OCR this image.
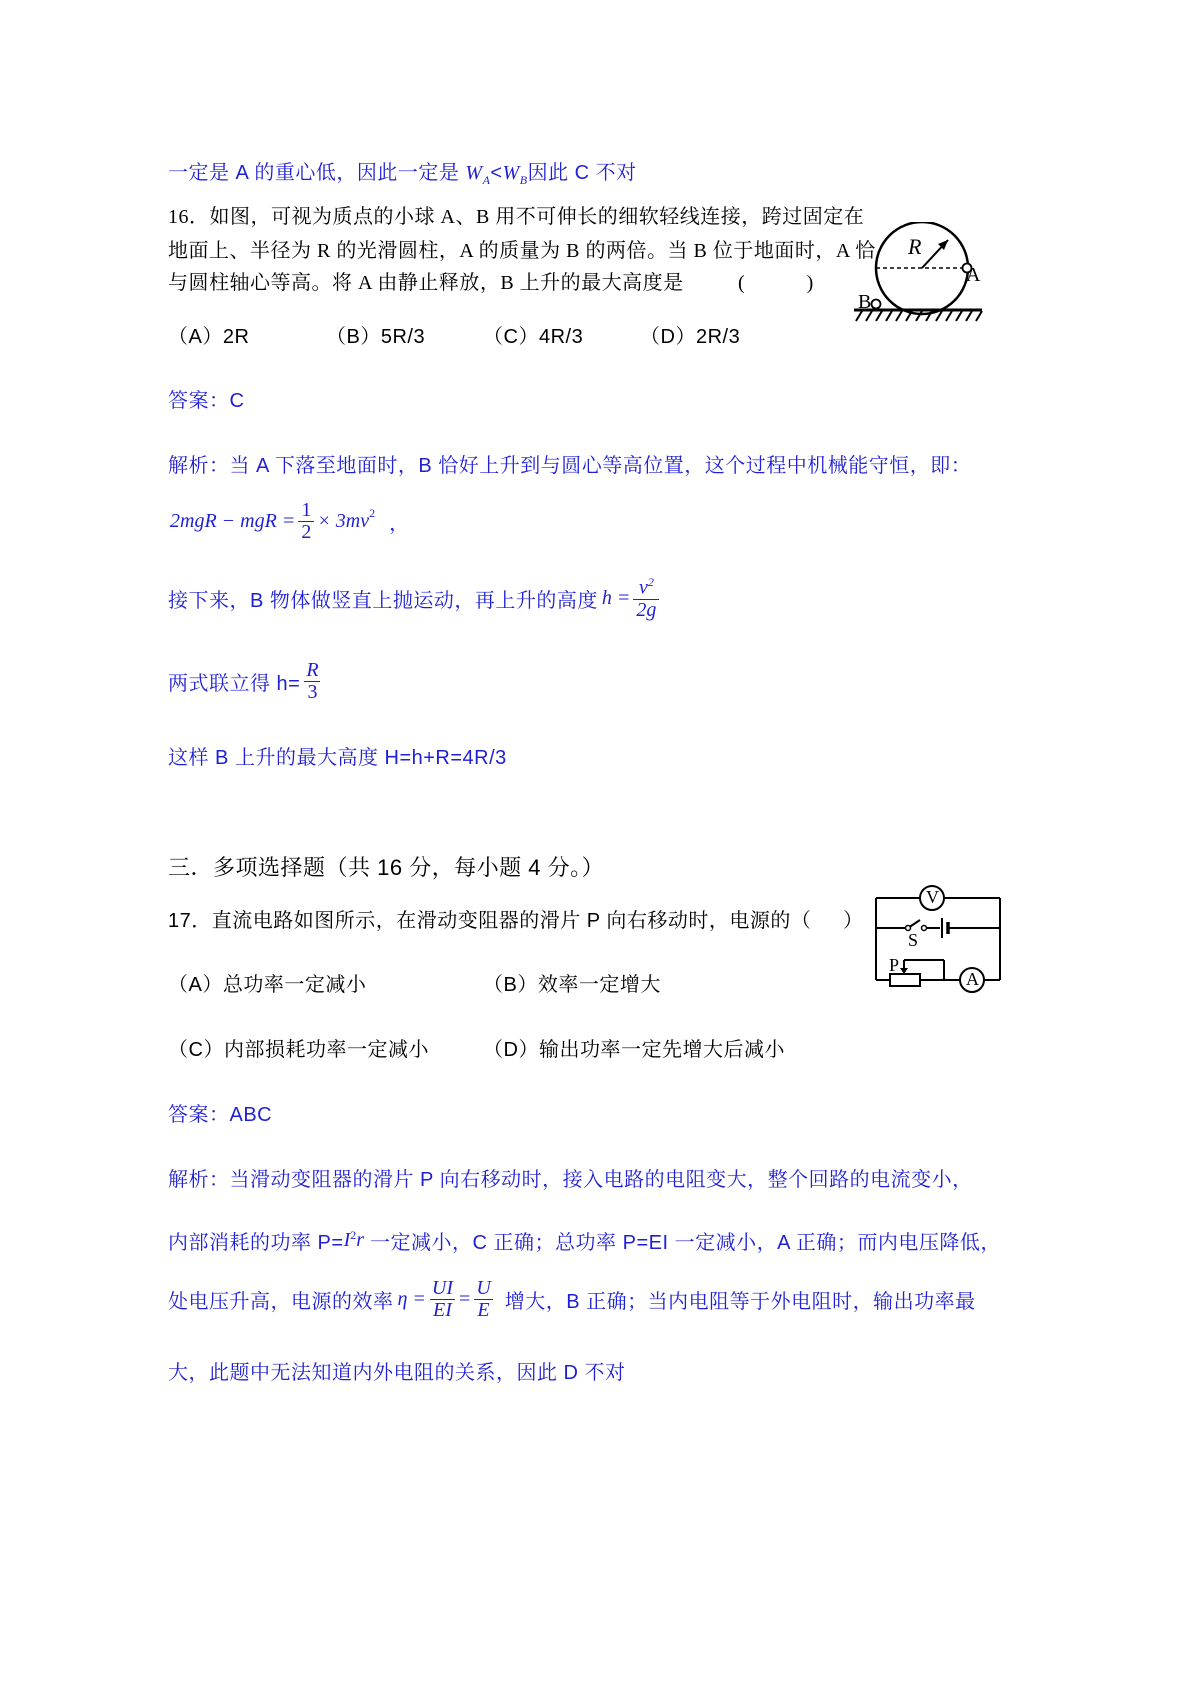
一定是 A 的重心低，因此一定是 $W_A<W_B$因此 C 不对
16．如图，可视为质点的小球 A、B 用不可伸长的细软轻线连接，跨过固定在
地面上、半径为 R 的光滑圆柱，A 的质量为 B 的两倍。当 B 位于地面时，A 恰
与圆柱轴心等高。将 A 由静止释放，B 上升的最大高度是	(　　　)
（A）2R	（B）5R/3	（C）4R/3	（D）2R/3
R
A
B
答案：C
解析：当 A 下落至地面时，B 恰好上升到与圆心等高位置，这个过程中机械能守恒，即：
2mgR − mgR = $\frac{1}{2} \times 3mv^2$ ，
接下来，B 物体做竖直上抛运动，再上升的高度 $h = \frac{v^2}{2g}$
两式联立得 $h= \frac{R}{3}$
这样 B 上升的最大高度 H=h+R=4R/3
三．多项选择题（共 16 分，每小题 4 分。）
17．直流电路如图所示，在滑动变阻器的滑片 P 向右移动时，电源的（ ）
（A）总功率一定减小	（B）效率一定增大
（C）内部损耗功率一定减小	（D）输出功率一定先增大后减小
V
S
P
A
答案：ABC
解析：当滑动变阻器的滑片 P 向右移动时，接入电路的电阻变大，整个回路的电流变小，
内部消耗的功率 $P= I^2$ r 一定减小，C 正确；总功率 P=EI 一定减小，A 正确；而内电压降低，
处电压升高，电源的效率 $\eta = \frac{UI}{EI} = \frac{U}{E}$ 增大，B 正确；当内电阻等于外电阻时，输出功率最
大，此题中无法知道内外电阻的关系，因此 D 不对
